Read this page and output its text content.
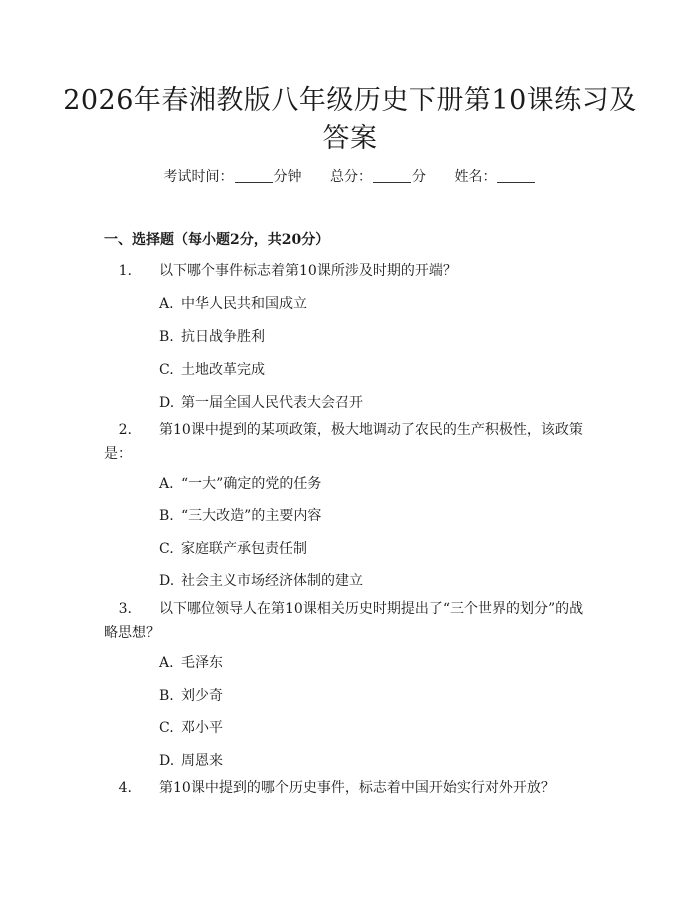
2026年春湘教版八年级历史下册第10课练习及答案
考试时间：	分钟 总分：	分 姓名：
一、选择题（每小题2分，共20分）

1. 以下哪个事件标志着第10课所涉及时期的开端？

A. 中华人民共和国成立

B. 抗日战争胜利

C. 土地改革完成

D. 第一届全国人民代表大会召开

2. 第10课中提到的某项政策，极大地调动了农民的生产积极性，该政策是：

A. “一大”确定的党的任务

B. “三大改造”的主要内容

C. 家庭联产承包责任制

D. 社会主义市场经济体制的建立

3. 以下哪位领导人在第10课相关历史时期提出了“三个世界的划分”的战略思想？

A. 毛泽东

B. 刘少奇

C. 邓小平

D. 周恩来

4. 第10课中提到的哪个历史事件，标志着中国开始实行对外开放？
